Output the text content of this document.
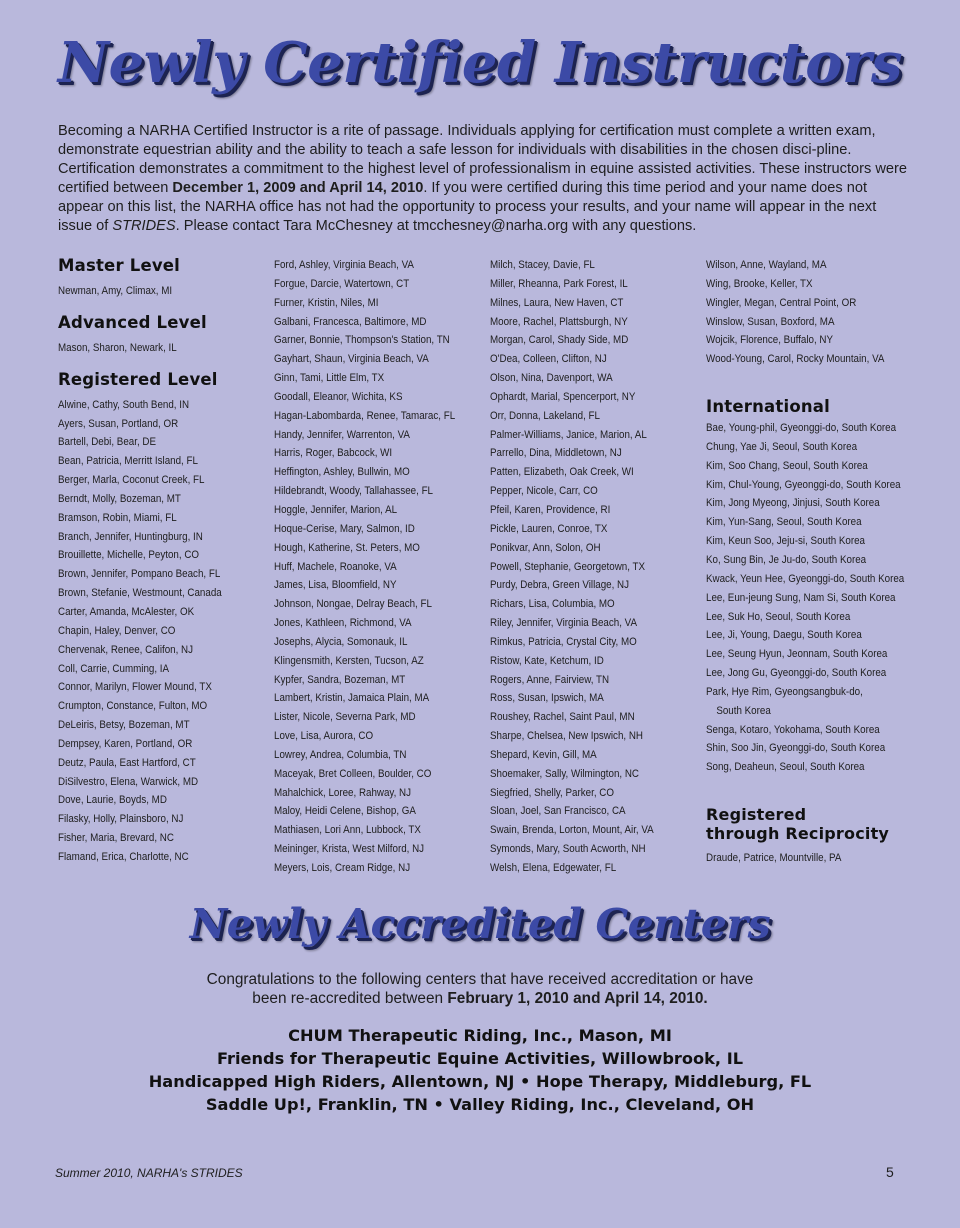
Newly Certified Instructors
Becoming a NARHA Certified Instructor is a rite of passage. Individuals applying for certification must complete a written exam, demonstrate equestrian ability and the ability to teach a safe lesson for individuals with disabilities in the chosen disci-pline. Certification demonstrates a commitment to the highest level of professionalism in equine assisted activities. These instructors were certified between December 1, 2009 and April 14, 2010. If you were certified during this time period and your name does not appear on this list, the NARHA office has not had the opportunity to process your results, and your name will appear in the next issue of STRIDES. Please contact Tara McChesney at tmcchesney@narha.org with any questions.
Master Level
Newman, Amy, Climax, MI
Advanced Level
Mason, Sharon, Newark, IL
Registered Level
Alwine, Cathy, South Bend, IN
Ayers, Susan, Portland, OR
Bartell, Debi, Bear, DE
Bean, Patricia, Merritt Island, FL
Berger, Marla, Coconut Creek, FL
Berndt, Molly, Bozeman, MT
Bramson, Robin, Miami, FL
Branch, Jennifer, Huntingburg, IN
Brouillette, Michelle, Peyton, CO
Brown, Jennifer, Pompano Beach, FL
Brown, Stefanie, Westmount, Canada
Carter, Amanda, McAlester, OK
Chapin, Haley, Denver, CO
Chervenak, Renee, Califon, NJ
Coll, Carrie, Cumming, IA
Connor, Marilyn, Flower Mound, TX
Crumpton, Constance, Fulton, MO
DeLeiris, Betsy, Bozeman, MT
Dempsey, Karen, Portland, OR
Deutz, Paula, East Hartford, CT
DiSilvestro, Elena, Warwick, MD
Dove, Laurie, Boyds, MD
Filasky, Holly, Plainsboro, NJ
Fisher, Maria, Brevard, NC
Flamand, Erica, Charlotte, NC
Ford, Ashley, Virginia Beach, VA
Forgue, Darcie, Watertown, CT
Furner, Kristin, Niles, MI
Galbani, Francesca, Baltimore, MD
Garner, Bonnie, Thompson's Station, TN
Gayhart, Shaun, Virginia Beach, VA
Ginn, Tami, Little Elm, TX
Goodall, Eleanor, Wichita, KS
Hagan-Labombarda, Renee, Tamarac, FL
Handy, Jennifer, Warrenton, VA
Harris, Roger, Babcock, WI
Heffington, Ashley, Bullwin, MO
Hildebrandt, Woody, Tallahassee, FL
Hoggle, Jennifer, Marion, AL
Hoque-Cerise, Mary, Salmon, ID
Hough, Katherine, St. Peters, MO
Huff, Machele, Roanoke, VA
James, Lisa, Bloomfield, NY
Johnson, Nongae, Delray Beach, FL
Jones, Kathleen, Richmond, VA
Josephs, Alycia, Somonauk, IL
Klingensmith, Kersten, Tucson, AZ
Kypfer, Sandra, Bozeman, MT
Lambert, Kristin, Jamaica Plain, MA
Lister, Nicole, Severna Park, MD
Love, Lisa, Aurora, CO
Lowrey, Andrea, Columbia, TN
Maceyak, Bret Colleen, Boulder, CO
Mahalchick, Loree, Rahway, NJ
Maloy, Heidi Celene, Bishop, GA
Mathiasen, Lori Ann, Lubbock, TX
Meininger, Krista, West Milford, NJ
Meyers, Lois, Cream Ridge, NJ
Milch, Stacey, Davie, FL
Miller, Rheanna, Park Forest, IL
Milnes, Laura, New Haven, CT
Moore, Rachel, Plattsburgh, NY
Morgan, Carol, Shady Side, MD
O'Dea, Colleen, Clifton, NJ
Olson, Nina, Davenport, WA
Ophardt, Marial, Spencerport, NY
Orr, Donna, Lakeland, FL
Palmer-Williams, Janice, Marion, AL
Parrello, Dina, Middletown, NJ
Patten, Elizabeth, Oak Creek, WI
Pepper, Nicole, Carr, CO
Pfeil, Karen, Providence, RI
Pickle, Lauren, Conroe, TX
Ponikvar, Ann, Solon, OH
Powell, Stephanie, Georgetown, TX
Purdy, Debra, Green Village, NJ
Richars, Lisa, Columbia, MO
Riley, Jennifer, Virginia Beach, VA
Rimkus, Patricia, Crystal City, MO
Ristow, Kate, Ketchum, ID
Rogers, Anne, Fairview, TN
Ross, Susan, Ipswich, MA
Roushey, Rachel, Saint Paul, MN
Sharpe, Chelsea, New Ipswich, NH
Shepard, Kevin, Gill, MA
Shoemaker, Sally, Wilmington, NC
Siegfried, Shelly, Parker, CO
Sloan, Joel, San Francisco, CA
Swain, Brenda, Lorton, Mount, Air, VA
Symonds, Mary, South Acworth, NH
Welsh, Elena, Edgewater, FL
Wilson, Anne, Wayland, MA
Wing, Brooke, Keller, TX
Wingler, Megan, Central Point, OR
Winslow, Susan, Boxford, MA
Wojcik, Florence, Buffalo, NY
Wood-Young, Carol, Rocky Mountain, VA
International
Bae, Young-phil, Gyeonggi-do, South Korea
Chung, Yae Ji, Seoul, South Korea
Kim, Soo Chang, Seoul, South Korea
Kim, Chul-Young, Gyeonggi-do, South Korea
Kim, Jong Myeong, Jinjusi, South Korea
Kim, Yun-Sang, Seoul, South Korea
Kim, Keun Soo, Jeju-si, South Korea
Ko, Sung Bin, Je Ju-do, South Korea
Kwack, Yeun Hee, Gyeonggi-do, South Korea
Lee, Eun-jeung Sung, Nam Si, South Korea
Lee, Suk Ho, Seoul, South Korea
Lee, Ji, Young, Daegu, South Korea
Lee, Seung Hyun, Jeonnam, South Korea
Lee, Jong Gu, Gyeonggi-do, South Korea
Park, Hye Rim, Gyeongsangbuk-do,
South Korea
Senga, Kotaro, Yokohama, South Korea
Shin, Soo Jin, Gyeonggi-do, South Korea
Song, Deaheun, Seoul, South Korea
Registered
through Reciprocity
Draude, Patrice, Mountville, PA
Newly Accredited Centers
Congratulations to the following centers that have received accreditation or have
been re-accredited between February 1, 2010 and April 14, 2010.
CHUM Therapeutic Riding, Inc., Mason, MI
Friends for Therapeutic Equine Activities, Willowbrook, IL
Handicapped High Riders, Allentown, NJ • Hope Therapy, Middleburg, FL
Saddle Up!, Franklin, TN • Valley Riding, Inc., Cleveland, OH
Summer 2010, NARHA's STRIDES	5
